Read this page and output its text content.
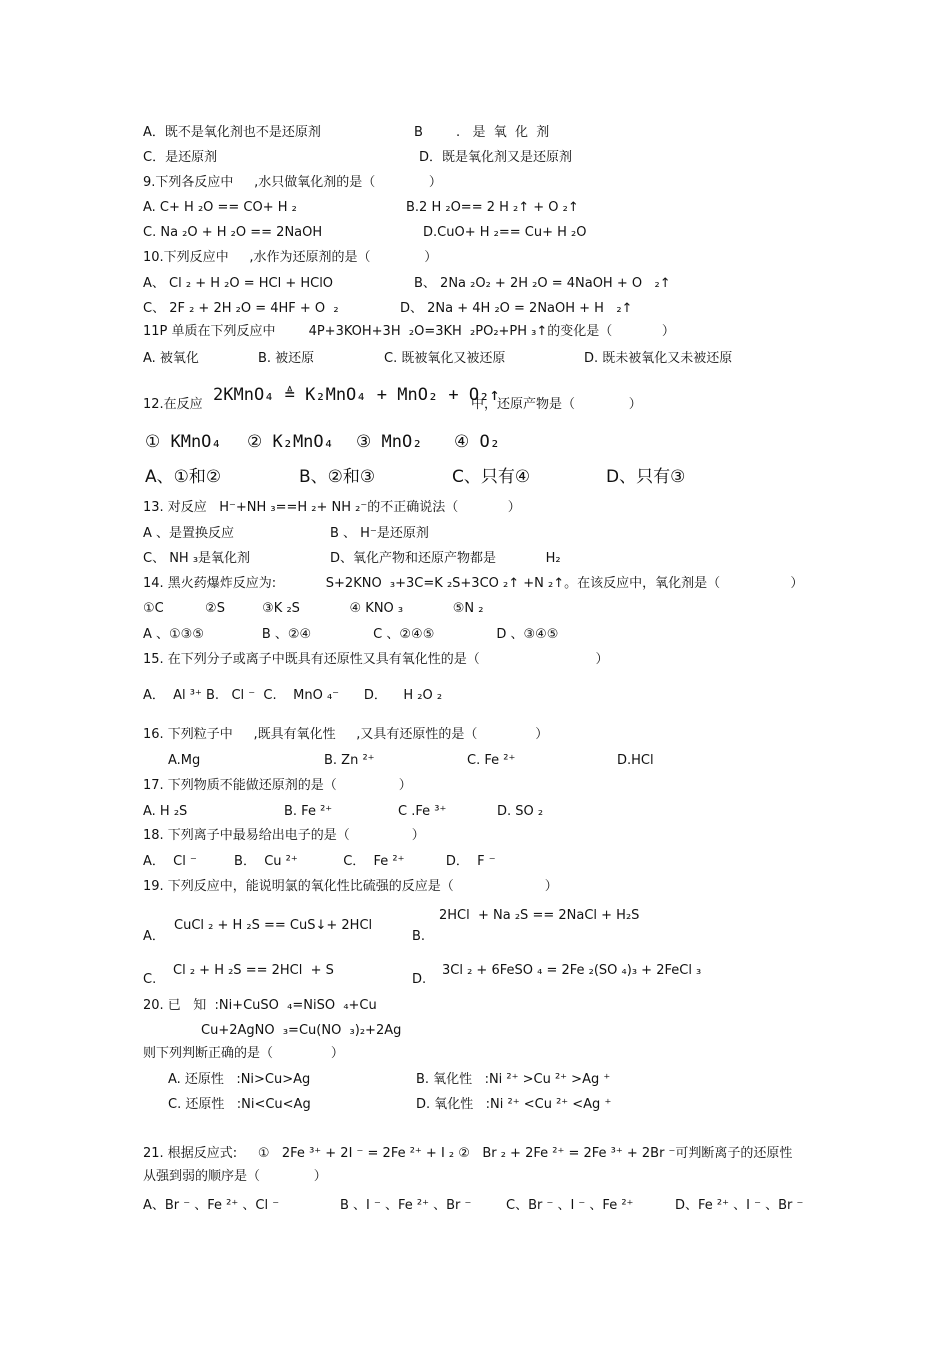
A．既不是氧化剂也不是还原剂	B        .   是  氧  化  剂
C．是还原剂	D．既是氧化剂又是还原剂
9.下列各反应中     ,水只做氧化剂的是（             ）
A. C+ H ₂O == CO+ H ₂	B.2 H ₂O== 2 H ₂↑ + O ₂↑
C. Na ₂O + H ₂O == 2NaOH	D.CuO+ H ₂== Cu+ H ₂O
10.下列反应中     ,水作为还原剂的是（             ）
A、 Cl ₂ + H ₂O = HCl + HClO	B、 2Na ₂O₂ + 2H ₂O = 4NaOH + O   ₂↑
C、 2F ₂ + 2H ₂O = 4HF + O  ₂	D、 2Na + 4H ₂O = 2NaOH + H   ₂↑
11P 单质在下列反应中        4P+3KOH+3H  ₂O=3KH  ₂PO₂+PH ₃↑的变化是（            ）
A. 被氧化	B. 被还原	C. 既被氧化又被还原	D. 既未被氧化又未被还原
12.在反应 2KMnO₄ ≜ K₂MnO₄ + MnO₂ + O₂↑
中，还原产物是（             ）
① KMnO₄ ② K₂MnO₄ ③ MnO₂ ④ O₂
A、①和②	B、②和③	C、只有④	D、只有③
13. 对反应   H⁻+NH ₃==H ₂+ NH ₂⁻的不正确说法（            ）
A 、是置换反应	B 、 H⁻是还原剂
C、 NH ₃是氧化剂	D、氧化产物和还原产物都是            H₂
14. 黑火药爆炸反应为:            S+2KNO  ₃+3C=K ₂S+3CO ₂↑ +N ₂↑。在该反应中，氧化剂是（                 ）
①C          ②S         ③K ₂S            ④ KNO ₃            ⑤N ₂
A 、①③⑤              B 、②④               C 、②④⑤               D 、③④⑤
15. 在下列分子或离子中既具有还原性又具有氧化性的是（                            ）
A．  Al ³⁺ B.   Cl ⁻  C.    MnO ₄⁻      D．    H ₂O ₂
16. 下列粒子中     ,既具有氧化性     ,又具有还原性的是（              ）
A.Mg	B. Zn ²⁺	C. Fe ²⁺	D.HCl
17. 下列物质不能做还原剂的是（               ）
A. H ₂S	B. Fe ²⁺	C .Fe ³⁺	D. SO ₂
18. 下列离子中最易给出电子的是（               ）
A．  Cl ⁻         B．  Cu ²⁺           C．  Fe ²⁺          D．  F ⁻
19. 下列反应中，能说明氯的氧化性比硫强的反应是（                      ）
A．
CuCl ₂ + H ₂S == CuS↓+ 2HCl
B.
2HCl  + Na ₂S == 2NaCl + H₂S
C.
Cl ₂ + H ₂S == 2HCl  + S
D.
3Cl ₂ + 6FeSO ₄ = 2Fe ₂(SO ₄)₃ + 2FeCl ₃
20. 已   知  :Ni+CuSO  ₄=NiSO  ₄+Cu
Cu+2AgNO  ₃=Cu(NO  ₃)₂+2Ag
则下列判断正确的是（              ）
A. 还原性   :Ni>Cu>Ag	B. 氧化性   :Ni ²⁺ >Cu ²⁺ >Ag ⁺
C. 还原性   :Ni<Cu<Ag	D. 氧化性   :Ni ²⁺ <Cu ²⁺ <Ag ⁺
21. 根据反应式:     ①   2Fe ³⁺ + 2I ⁻ = 2Fe ²⁺ + I ₂ ②   Br ₂ + 2Fe ²⁺ = 2Fe ³⁺ + 2Br ⁻可判断离子的还原性
从强到弱的顺序是（             ）
A、Br ⁻ 、Fe ²⁺ 、Cl ⁻	B 、I ⁻ 、Fe ²⁺ 、Br ⁻	C、Br ⁻ 、I ⁻ 、Fe ²⁺	D、Fe ²⁺ 、I ⁻ 、Br ⁻
